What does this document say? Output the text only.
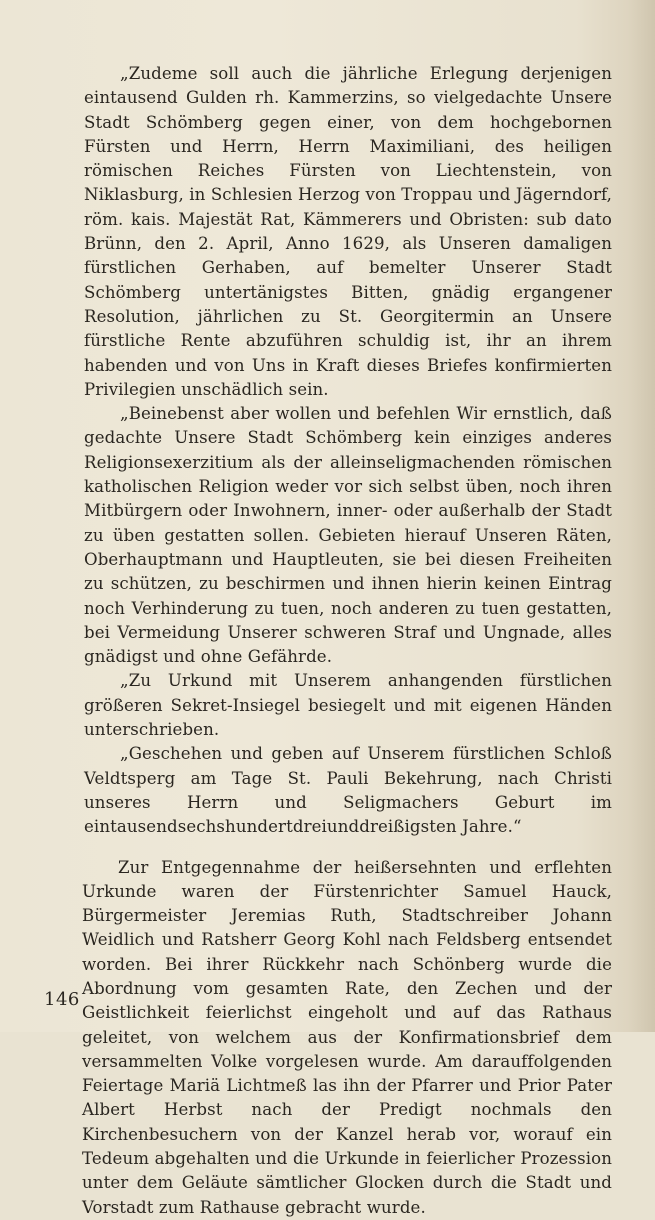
„Zudeme soll auch die jährliche Erlegung derjenigen eintausend Gulden rh. Kammerzins, so vielgedachte Unsere Stadt Schömberg gegen einer, von dem hochgebornen Fürsten und Herrn, Herrn Maximiliani, des heiligen römischen Reiches Fürsten von Liechtenstein, von Niklasburg, in Schlesien Herzog von Troppau und Jägerndorf, röm. kais. Majestät Rat, Kämmerers und Obristen: sub dato Brünn, den 2. April, Anno 1629, als Unseren damaligen fürstlichen Gerhaben, auf bemelter Unserer Stadt Schömberg untertänigstes Bitten, gnädig ergangener Resolution, jährlichen zu St. Georgitermin an Unsere fürstliche Rente abzuführen schuldig ist, ihr an ihrem habenden und von Uns in Kraft dieses Briefes konfirmierten Privilegien unschädlich sein.

„Beinebenst aber wollen und befehlen Wir ernstlich, daß gedachte Unsere Stadt Schömberg kein einziges anderes Religionsexerzitium als der alleinseligmachenden römischen katholischen Religion weder vor sich selbst üben, noch ihren Mitbürgern oder Inwohnern, inner- oder außerhalb der Stadt zu üben gestatten sollen. Gebieten hierauf Unseren Räten, Oberhauptmann und Hauptleuten, sie bei diesen Freiheiten zu schützen, zu beschirmen und ihnen hierin keinen Eintrag noch Verhinderung zu tuen, noch anderen zu tuen gestatten, bei Vermeidung Unserer schweren Straf und Ungnade, alles gnädigst und ohne Gefährde.

„Zu Urkund mit Unserem anhangenden fürstlichen größeren Sekret-Insiegel besiegelt und mit eigenen Händen unterschrieben.

„Geschehen und geben auf Unserem fürstlichen Schloß Veldtsperg am Tage St. Pauli Bekehrung, nach Christi unseres Herrn und Seligmachers Geburt im eintausendsechshundertdreiunddreißigsten Jahre.“

Zur Entgegennahme der heißersehnten und erflehten Urkunde waren der Fürstenrichter Samuel Hauck, Bürgermeister Jeremias Ruth, Stadtschreiber Johann Weidlich und Ratsherr Georg Kohl nach Feldsberg entsendet worden. Bei ihrer Rückkehr nach Schönberg wurde die Abordnung vom gesamten Rate, den Zechen und der Geistlichkeit feierlichst eingeholt und auf das Rathaus geleitet, von welchem aus der Konfirmationsbrief dem versammelten Volke vorgelesen wurde. Am darauffolgenden Feiertage Mariä Lichtmeß las ihn der Pfarrer und Prior Pater Albert Herbst nach der Predigt nochmals den Kirchenbesuchern von der Kanzel herab vor, worauf ein Tedeum abgehalten und die Urkunde in feierlicher Prozession unter dem Geläute sämtlicher Glocken durch die Stadt und Vorstadt zum Rathause gebracht wurde.

146
